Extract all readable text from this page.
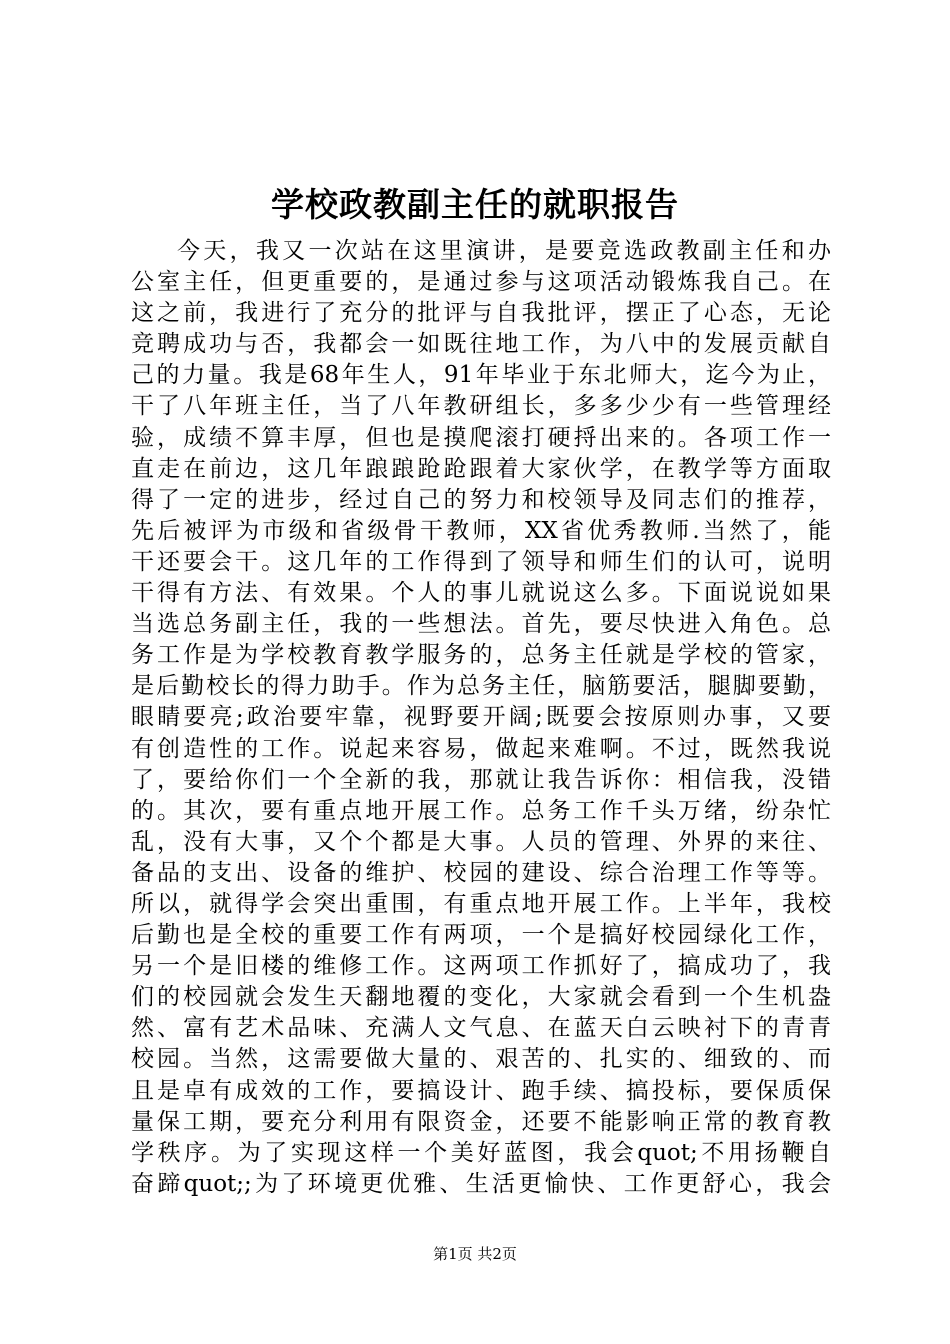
学校政教副主任的就职报告
今天，我又一次站在这里演讲，是要竞选政教副主任和办
公室主任，但更重要的，是通过参与这项活动锻炼我自己。在
这之前，我进行了充分的批评与自我批评，摆正了心态，无论
竞聘成功与否，我都会一如既往地工作，为八中的发展贡献自
己的力量。我是68年生人，91年毕业于东北师大，迄今为止，
干了八年班主任，当了八年教研组长，多多少少有一些管理经
验，成绩不算丰厚，但也是摸爬滚打硬捋出来的。各项工作一
直走在前边，这几年踉踉跄跄跟着大家伙学，在教学等方面取
得了一定的进步，经过自己的努力和校领导及同志们的推荐，
先后被评为市级和省级骨干教师，XX省优秀教师.当然了，能
干还要会干。这几年的工作得到了领导和师生们的认可，说明
干得有方法、有效果。个人的事儿就说这么多。下面说说如果
当选总务副主任，我的一些想法。首先，要尽快进入角色。总
务工作是为学校教育教学服务的，总务主任就是学校的管家，
是后勤校长的得力助手。作为总务主任，脑筋要活，腿脚要勤，
眼睛要亮;政治要牢靠，视野要开阔;既要会按原则办事，又要
有创造性的工作。说起来容易，做起来难啊。不过，既然我说
了，要给你们一个全新的我，那就让我告诉你：相信我，没错
的。其次，要有重点地开展工作。总务工作千头万绪，纷杂忙
乱，没有大事，又个个都是大事。人员的管理、外界的来往、
备品的支出、设备的维护、校园的建设、综合治理工作等等。
所以，就得学会突出重围，有重点地开展工作。上半年，我校
后勤也是全校的重要工作有两项，一个是搞好校园绿化工作，
另一个是旧楼的维修工作。这两项工作抓好了，搞成功了，我
们的校园就会发生天翻地覆的变化，大家就会看到一个生机盎
然、富有艺术品味、充满人文气息、在蓝天白云映衬下的青青
校园。当然，这需要做大量的、艰苦的、扎实的、细致的、而
且是卓有成效的工作，要搞设计、跑手续、搞投标，要保质保
量保工期，要充分利用有限资金，还要不能影响正常的教育教
学秩序。为了实现这样一个美好蓝图，我会quot;不用扬鞭自
奋蹄quot;;为了环境更优雅、生活更愉快、工作更舒心，我会
第1页 共2页
